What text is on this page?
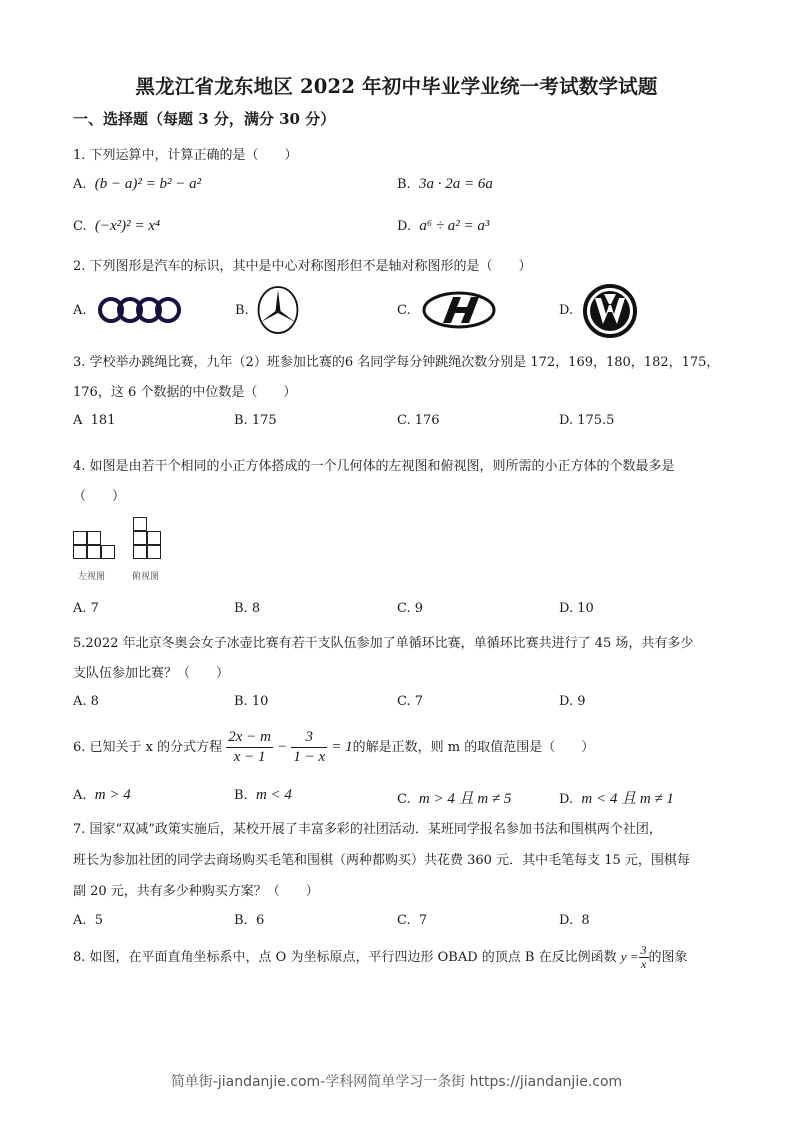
黑龙江省龙东地区 2022 年初中毕业学业统一考试数学试题
一、选择题（每题 3 分，满分 30 分）
1. 下列运算中，计算正确的是（　　）
A. (b − a)² = b² − a²	B. 3a · 2a = 6a
C. (−x²)² = x⁴	D. a⁶ ÷ a² = a³
2. 下列图形是汽车的标识，其中是中心对称图形但不是轴对称图形的是（　　）
A.	B.	C.	D.
3. 学校举办跳绳比赛，九年（2）班参加比赛的6 名同学每分钟跳绳次数分别是 172，169，180，182，175，
176，这 6 个数据的中位数是（　　）
A 181	B. 175	C. 176	D. 175.5
4. 如图是由若干个相同的小正方体搭成的一个几何体的左视图和俯视图，则所需的小正方体的个数最多是
（　　）
左视图	俯视图
A. 7	B. 8	C. 9	D. 10
5.2022 年北京冬奥会女子冰壶比赛有若干支队伍参加了单循环比赛，单循环比赛共进行了 45 场，共有多少
支队伍参加比赛？（　　）
A. 8	B. 10	C. 7	D. 9
6. 已知关于 x 的分式方程 $\frac{2x - m}{x - 1} - \frac{3}{1 - x} = 1$的解是正数，则 m 的取值范围是（　　）
A. m > 4	B. m < 4	C. m > 4 且 m ≠ 5	D. m < 4 且 m ≠ 1
7. 国家“双减”政策实施后，某校开展了丰富多彩的社团活动．某班同学报名参加书法和围棋两个社团，
班长为参加社团的同学去商场购买毛笔和围棋（两种都购买）共花费 360 元．其中毛笔每支 15 元，围棋每
副 20 元，共有多少种购买方案？（　　）
A. 5	B. 6	C. 7	D. 8
8. 如图，在平面直角坐标系中，点 O 为坐标原点，平行四边形 OBAD 的顶点 B 在反比例函数 $y = \frac{3}{x}$ 的图象
简单街-jiandanjie.com-学科网简单学习一条街 https://jiandanjie.com
